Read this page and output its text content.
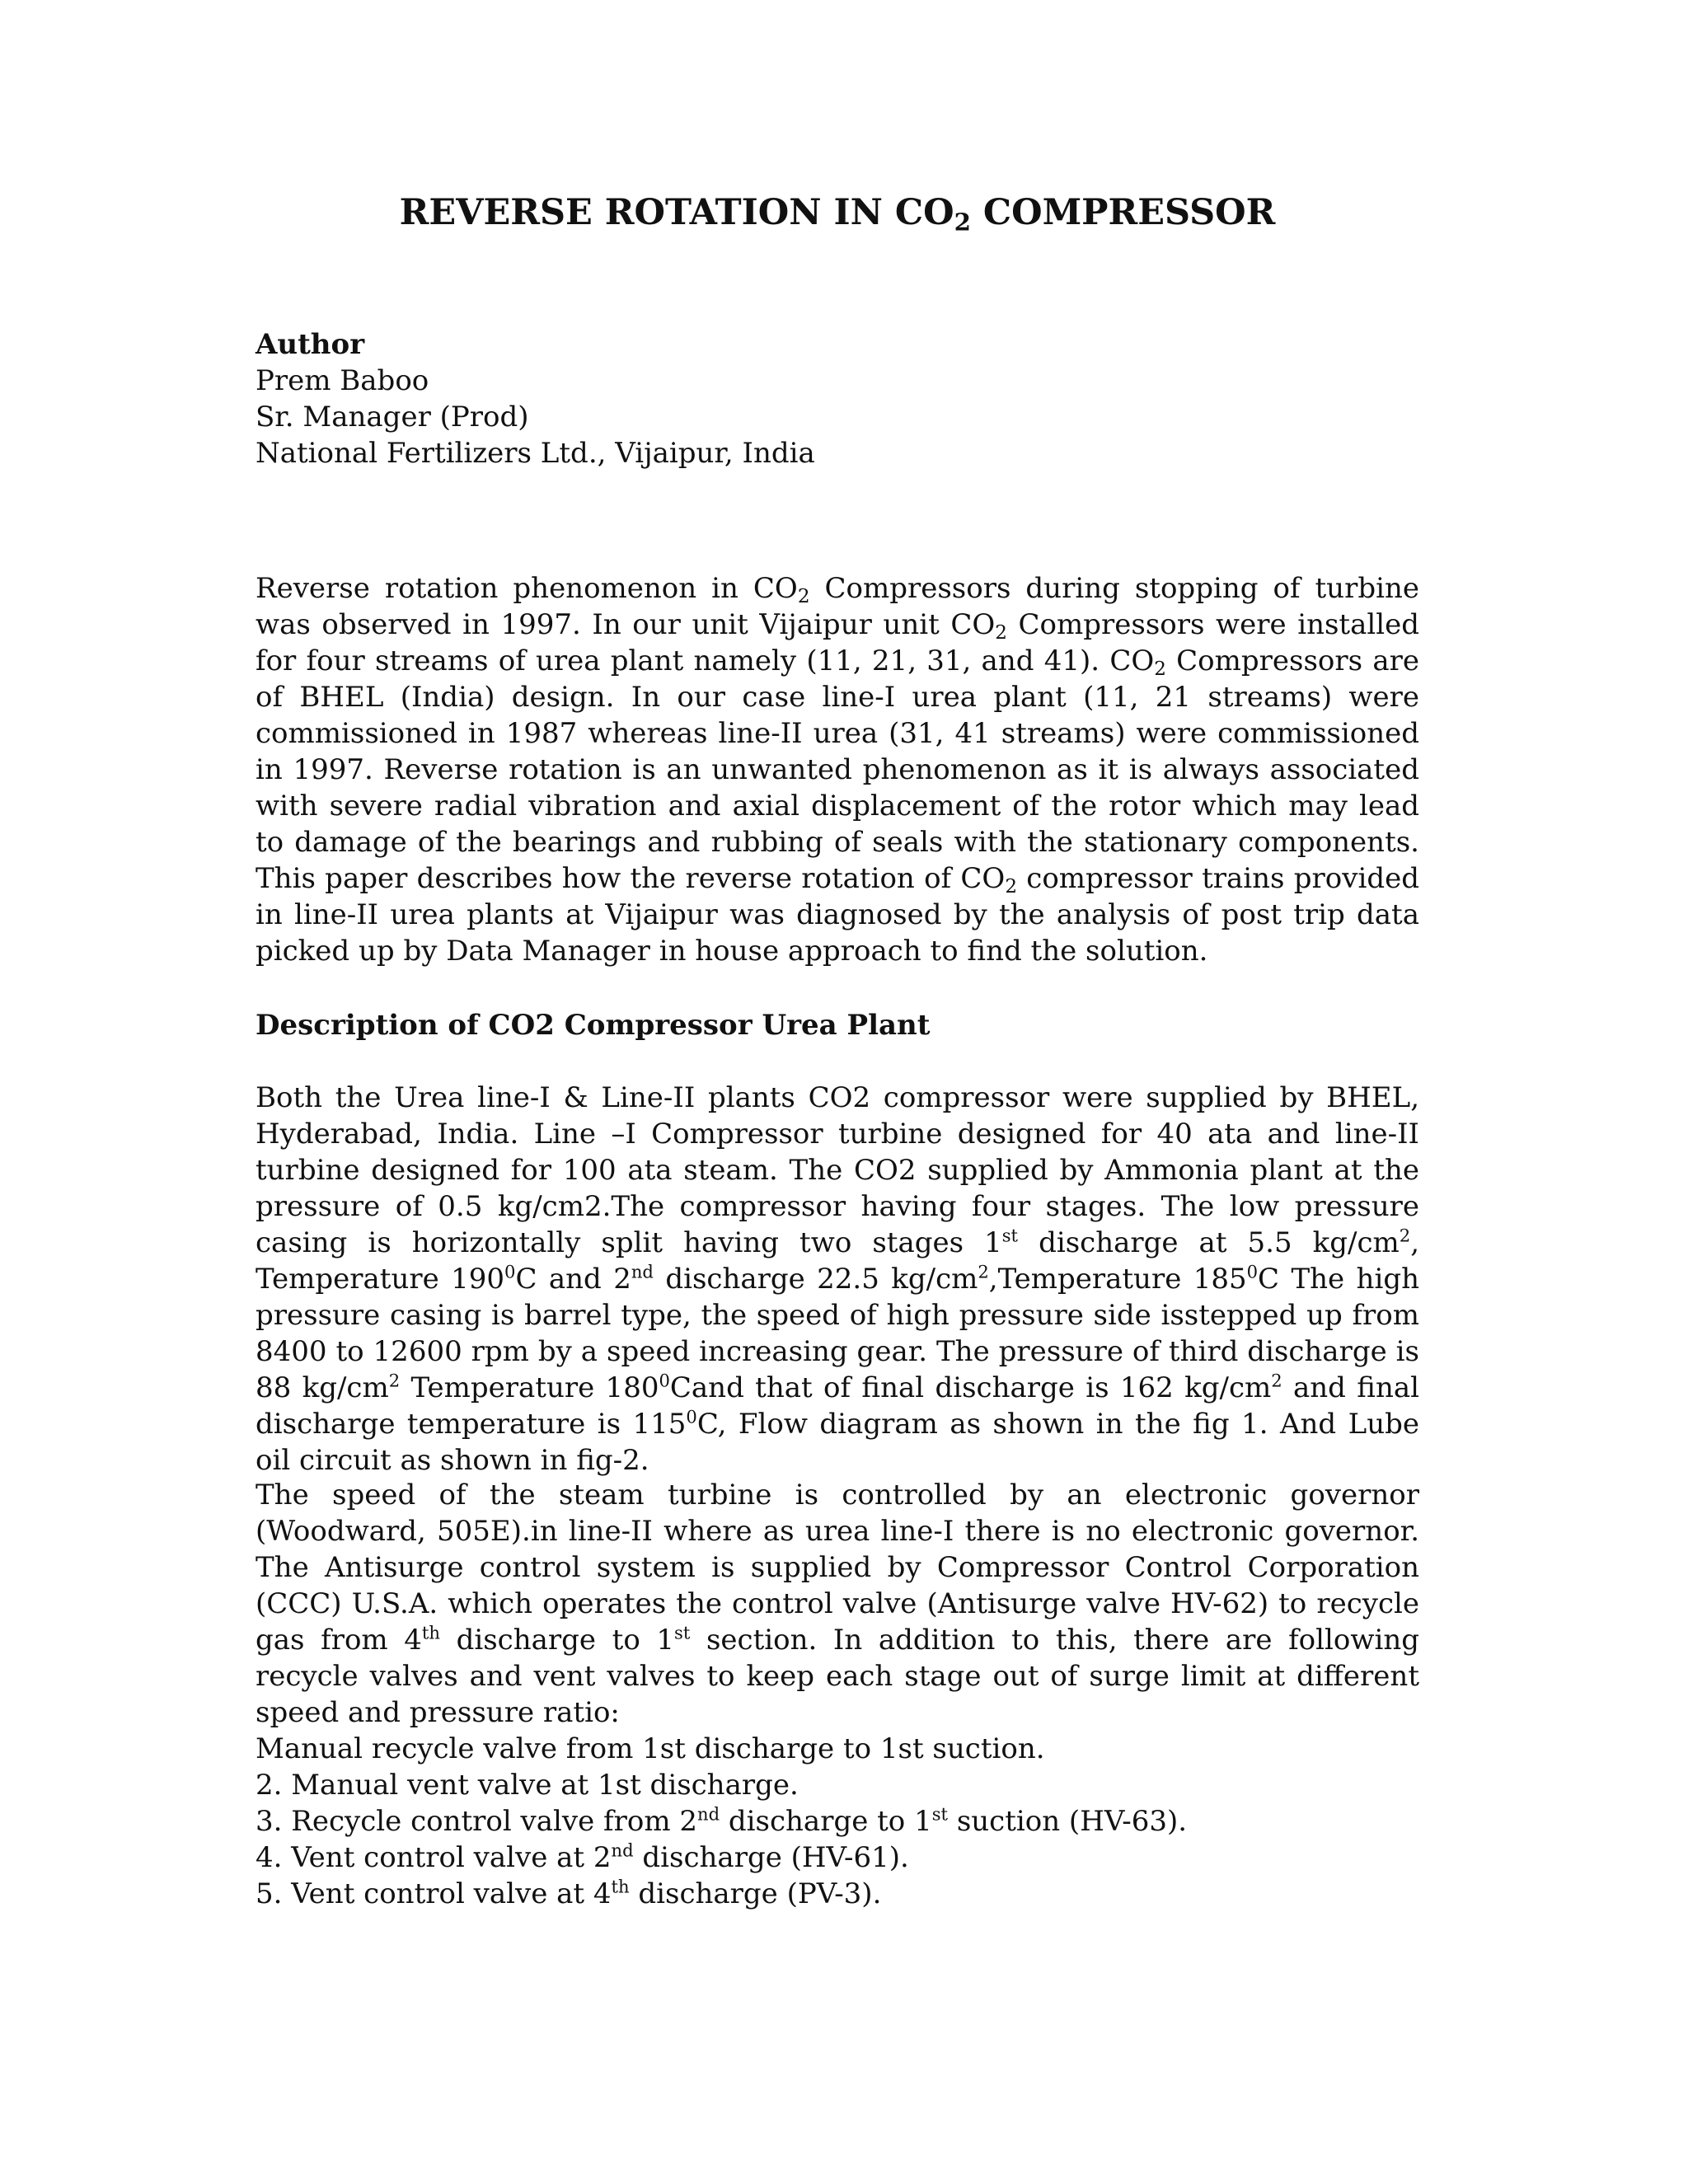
REVERSE ROTATION IN $CO_2$ COMPRESSOR
Author
Prem Baboo
Sr. Manager (Prod)
National Fertilizers Ltd., Vijaipur, India

Reverse rotation phenomenon in $CO_2$ Compressors during stopping of turbine was observed in 1997. In our unit Vijaipur unit $CO_2$ Compressors were installed for four streams of urea plant namely (11, 21, 31, and 41). $CO_2$ Compressors are of BHEL (India) design. In our case line-I urea plant (11, 21 streams) were commissioned in 1987 whereas line-II urea (31, 41 streams) were commissioned in 1997. Reverse rotation is an unwanted phenomenon as it is always associated with severe radial vibration and axial displacement of the rotor which may lead to damage of the bearings and rubbing of seals with the stationary components. This paper describes how the reverse rotation of $CO_2$ compressor trains provided in line-II urea plants at Vijaipur was diagnosed by the analysis of post trip data picked up by Data Manager in house approach to find the solution.

Description of CO2 Compressor Urea Plant

Both the Urea line-I & Line-II plants CO2 compressor were supplied by BHEL, Hyderabad, India. Line –I Compressor turbine designed for 40 ata and line-II turbine designed for 100 ata steam. The CO2 supplied by Ammonia plant at the pressure of 0.5 kg/cm2.The compressor having four stages. The low pressure casing is horizontally split having two stages 1st discharge at 5.5 $kg/cm^2$, Temperature $190^0C$ and 2nd discharge 22.5 $kg/cm^2,Temperature$ $185^0C$ The high pressure casing is barrel type, the speed of high pressure side isstepped up from 8400 to 12600 rpm by a speed increasing gear. The pressure of third discharge is 88 $kg/cm^2$ Temperature $180^0Cand$ that of final discharge is 162 $kg/cm^2$ and final discharge temperature is $115^0C$, Flow diagram as shown in the fig 1. And Lube oil circuit as shown in fig-2.

The speed of the steam turbine is controlled by an electronic governor (Woodward, 505E).in line-II where as urea line-I there is no electronic governor. The Antisurge control system is supplied by Compressor Control Corporation (CCC) U.S.A. which operates the control valve (Antisurge valve HV-62) to recycle gas from 4th discharge to 1st section. In addition to this, there are following recycle valves and vent valves to keep each stage out of surge limit at different speed and pressure ratio:

Manual recycle valve from 1st discharge to 1st suction.
2. Manual vent valve at 1st discharge.
3. Recycle control valve from 2nd discharge to 1st suction (HV-63).
4. Vent control valve at 2nd discharge (HV-61).
5. Vent control valve at 4th discharge (PV-3).
